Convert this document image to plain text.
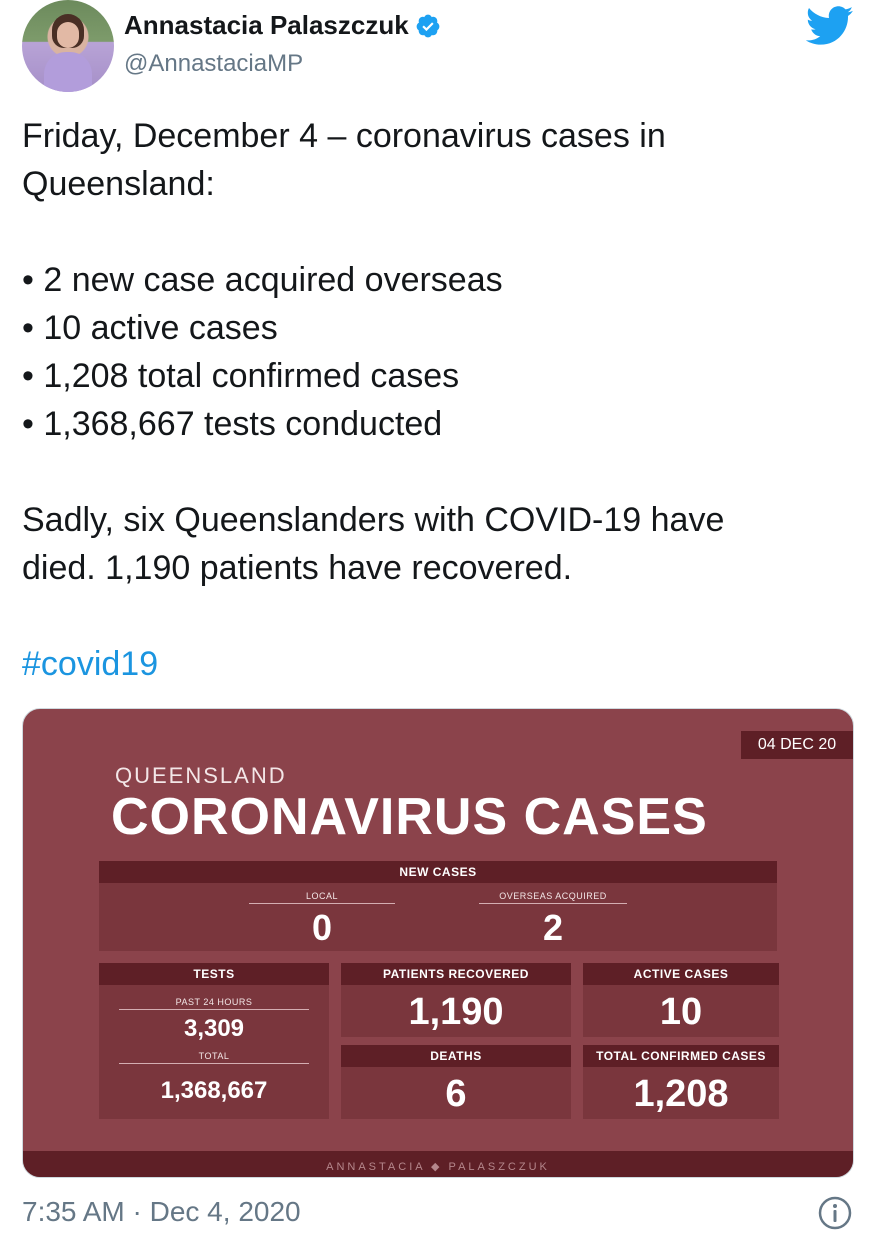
Annastacia Palaszczuk
@AnnastaciaMP

Friday, December 4 – coronavirus cases in
Queensland:

• 2 new case acquired overseas

• 10 active cases

• 1,208 total confirmed cases

• 1,368,667 tests conducted

Sadly, six Queenslanders with COVID-19 have
died. 1,190 patients have recovered.

#covid19

04 DEC 20
QUEENSLAND
CORONAVIRUS CASES
NEW CASES
LOCAL
0
OVERSEAS ACQUIRED
2
TESTS
PAST 24 HOURS
3,309
TOTAL
1,368,667
PATIENTS RECOVERED
1,190
ACTIVE CASES
10
DEATHS
6
TOTAL CONFIRMED CASES
1,208
ANNASTACIA ◆ PALASZCZUK
7:35 AM · Dec 4, 2020
